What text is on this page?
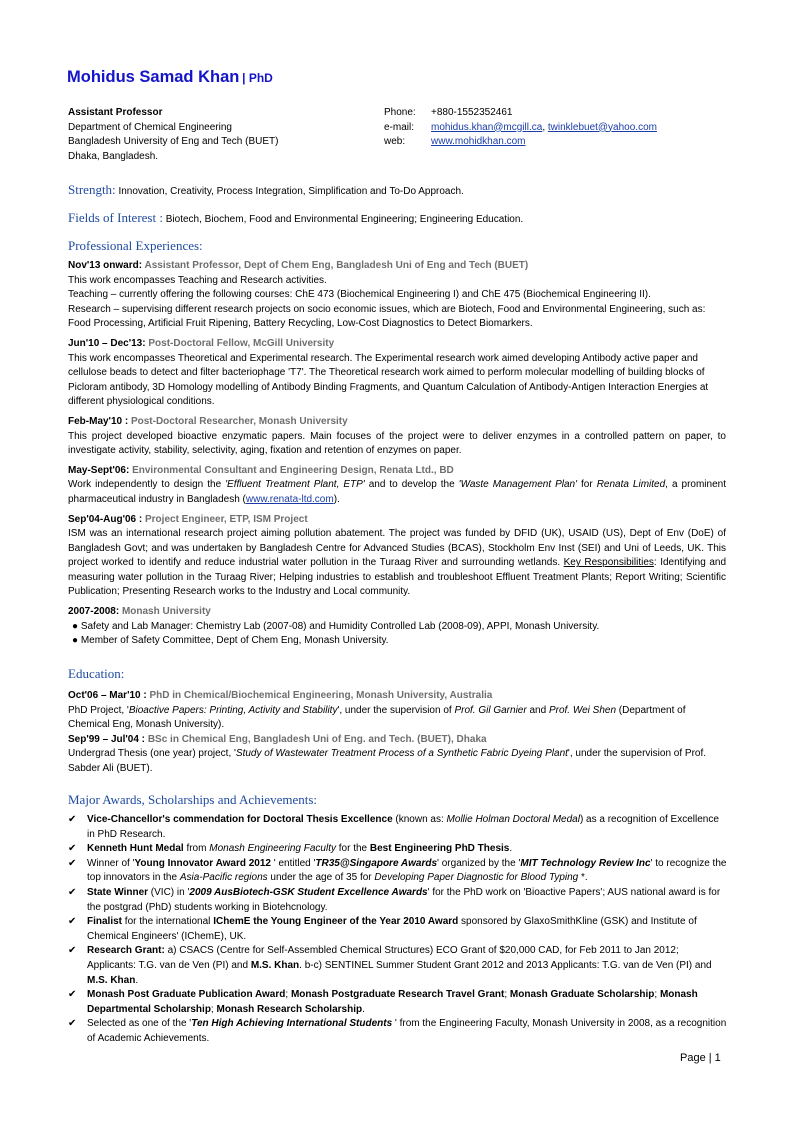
Mohidus Samad Khan | PhD
Assistant Professor
Department of Chemical Engineering
Bangladesh University of Eng and Tech (BUET)
Dhaka, Bangladesh.
Phone:	+880-1552352461
e-mail:	mohidus.khan@mcgill.ca, twinklebuet@yahoo.com
web:	www.mohidkhan.com
Strength: Innovation, Creativity, Process Integration, Simplification and To-Do Approach.
Fields of Interest : Biotech, Biochem, Food and Environmental Engineering; Engineering Education.
Professional Experiences:
Nov'13 onward: Assistant Professor, Dept of Chem Eng, Bangladesh Uni of Eng and Tech (BUET)
This work encompasses Teaching and Research activities.
Teaching – currently offering the following courses: ChE 473 (Biochemical Engineering I) and ChE 475 (Biochemical Engineering II).
Research – supervising different research projects on socio economic issues, which are Biotech, Food and Environmental Engineering, such as: Food Processing, Artificial Fruit Ripening, Battery Recycling, Low-Cost Diagnostics to Detect Biomarkers.
Jun'10 – Dec'13: Post-Doctoral Fellow, McGill University
This work encompasses Theoretical and Experimental research. The Experimental research work aimed developing Antibody active paper and cellulose beads to detect and filter bacteriophage 'T7'. The Theoretical research work aimed to perform molecular modelling of building blocks of Picloram antibody, 3D Homology modelling of Antibody Binding Fragments, and Quantum Calculation of Antibody-Antigen Interaction Energies at different physiological conditions.
Feb-May'10 : Post-Doctoral Researcher, Monash University
This project developed bioactive enzymatic papers. Main focuses of the project were to deliver enzymes in a controlled pattern on paper, to investigate activity, stability, selectivity, aging, fixation and retention of enzymes on paper.
May-Sept'06: Environmental Consultant and Engineering Design, Renata Ltd., BD
Work independently to design the 'Effluent Treatment Plant, ETP' and to develop the 'Waste Management Plan' for Renata Limited, a prominent pharmaceutical industry in Bangladesh (www.renata-ltd.com).
Sep'04-Aug'06 : Project Engineer, ETP, ISM Project
ISM was an international research project aiming pollution abatement. The project was funded by DFID (UK), USAID (US), Dept of Env (DoE) of Bangladesh Govt; and was undertaken by Bangladesh Centre for Advanced Studies (BCAS), Stockholm Env Inst (SEI) and Uni of Leeds, UK. This project worked to identify and reduce industrial water pollution in the Turaag River and surrounding wetlands. Key Responsibilities: Identifying and measuring water pollution in the Turaag River; Helping industries to establish and troubleshoot Effluent Treatment Plants; Report Writing; Scientific Publication; Presenting Research works to the Industry and Local community.
2007-2008: Monash University
● Safety and Lab Manager: Chemistry Lab (2007-08) and Humidity Controlled Lab (2008-09), APPI, Monash University.
● Member of Safety Committee, Dept of Chem Eng, Monash University.
Education:
Oct'06 – Mar'10 : PhD in Chemical/Biochemical Engineering, Monash University, Australia
PhD Project, 'Bioactive Papers: Printing, Activity and Stability', under the supervision of Prof. Gil Garnier and Prof. Wei Shen (Department of Chemical Eng, Monash University).
Sep'99 – Jul'04 : BSc in Chemical Eng, Bangladesh Uni of Eng. and Tech. (BUET), Dhaka
Undergrad Thesis (one year) project, 'Study of Wastewater Treatment Process of a Synthetic Fabric Dyeing Plant', under the supervision of Prof. Sabder Ali (BUET).
Major Awards, Scholarships and Achievements:
✔	Vice-Chancellor's commendation for Doctoral Thesis Excellence (known as: Mollie Holman Doctoral Medal) as a recognition of Excellence in PhD Research.
✔	Kenneth Hunt Medal from Monash Engineering Faculty for the Best Engineering PhD Thesis.
✔	Winner of 'Young Innovator Award 2012 ' entitled 'TR35@Singapore Awards' organized by the 'MIT Technology Review Inc' to recognize the top innovators in the Asia-Pacific regions under the age of 35 for Developing Paper Diagnostic for Blood Typing *.
✔	State Winner (VIC) in '2009 AusBiotech-GSK Student Excellence Awards' for the PhD work on 'Bioactive Papers'; AUS national award is for the postgrad (PhD) students working in Biotehcnology.
✔	Finalist for the international IChemE the Young Engineer of the Year 2010 Award sponsored by GlaxoSmithKline (GSK) and Institute of Chemical Engineers' (IChemE), UK.
✔	Research Grant: a) CSACS (Centre for Self-Assembled Chemical Structures) ECO Grant of $20,000 CAD, for Feb 2011 to Jan 2012; Applicants: T.G. van de Ven (PI) and M.S. Khan. b-c) SENTINEL Summer Student Grant 2012 and 2013 Applicants: T.G. van de Ven (PI) and M.S. Khan.
✔	Monash Post Graduate Publication Award; Monash Postgraduate Research Travel Grant; Monash Graduate Scholarship; Monash Departmental Scholarship; Monash Research Scholarship.
✔	Selected as one of the 'Ten High Achieving International Students ' from the Engineering Faculty, Monash University in 2008, as a recognition of Academic Achievements.
Page | 1
